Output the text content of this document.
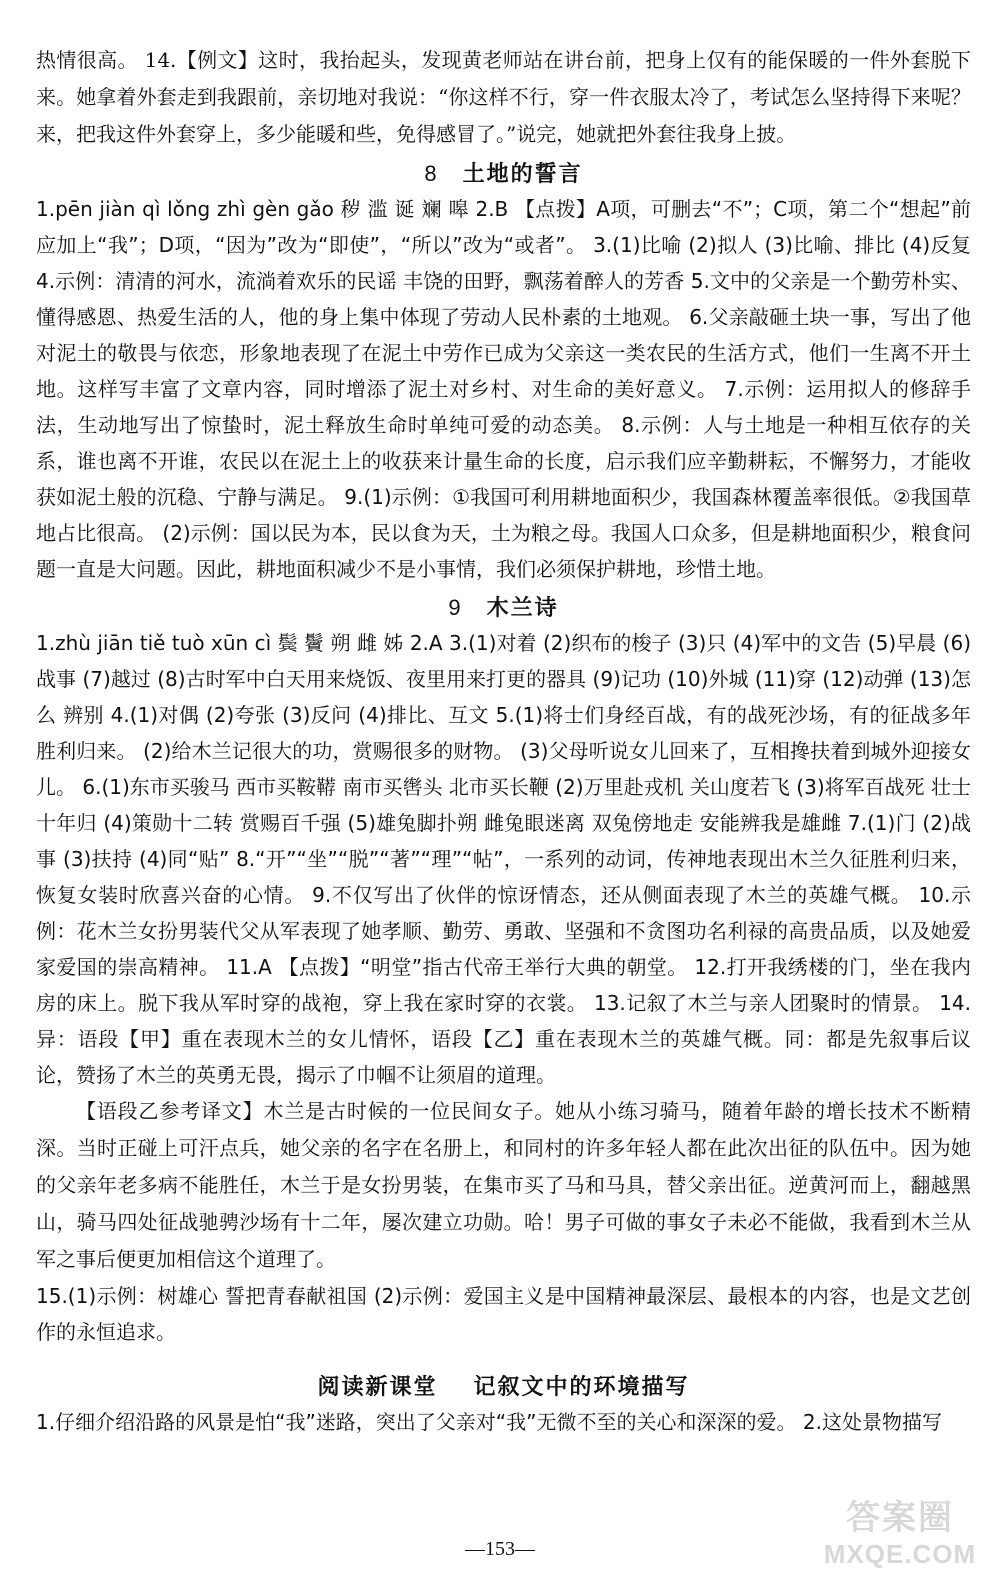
热情很高。 14.【例文】这时，我抬起头，发现黄老师站在讲台前，把身上仅有的能保暖的一件外套脱下来。她拿着外套走到我跟前，亲切地对我说：“你这样不行，穿一件衣服太冷了，考试怎么坚持得下来呢？来，把我这件外套穿上，多少能暖和些，免得感冒了。”说完，她就把外套往我身上披。

8 土地的誓言

1.pēn jiàn qì lǒng zhì gèn gǎo 秽 滥 诞 斓 嗥 2.B 【点拨】A项，可删去“不”；C项，第二个“想起”前应加上“我”；D项，“因为”改为“即使”，“所以”改为“或者”。 3.(1)比喻 (2)拟人 (3)比喻、排比 (4)反复 4.示例：清清的河水，流淌着欢乐的民谣 丰饶的田野，飘荡着醉人的芳香 5.文中的父亲是一个勤劳朴实、懂得感恩、热爱生活的人，他的身上集中体现了劳动人民朴素的土地观。 6.父亲敲砸土块一事，写出了他对泥土的敬畏与依恋，形象地表现了在泥土中劳作已成为父亲这一类农民的生活方式，他们一生离不开土地。这样写丰富了文章内容，同时增添了泥土对乡村、对生命的美好意义。 7.示例：运用拟人的修辞手法，生动地写出了惊蛰时，泥土释放生命时单纯可爱的动态美。 8.示例：人与土地是一种相互依存的关系，谁也离不开谁，农民以在泥土上的收获来计量生命的长度，启示我们应辛勤耕耘，不懈努力，才能收获如泥土般的沉稳、宁静与满足。 9.(1)示例：①我国可利用耕地面积少，我国森林覆盖率很低。②我国草地占比很高。 (2)示例：国以民为本，民以食为天，土为粮之母。我国人口众多，但是耕地面积少，粮食问题一直是大问题。因此，耕地面积减少不是小事情，我们必须保护耕地，珍惜土地。

9 木兰诗

1.zhù jiān tiě tuò xūn cì 鬓 鬢 朔 雌 姊 2.A 3.(1)对着 (2)织布的梭子 (3)只 (4)军中的文告 (5)早晨 (6)战事 (7)越过 (8)古时军中白天用来烧饭、夜里用来打更的器具 (9)记功 (10)外城 (11)穿 (12)动弹 (13)怎么 辨别 4.(1)对偶 (2)夸张 (3)反问 (4)排比、互文 5.(1)将士们身经百战，有的战死沙场，有的征战多年胜利归来。 (2)给木兰记很大的功，赏赐很多的财物。 (3)父母听说女儿回来了，互相搀扶着到城外迎接女儿。 6.(1)东市买骏马 西市买鞍鞯 南市买辔头 北市买长鞭 (2)万里赴戎机 关山度若飞 (3)将军百战死 壮士十年归 (4)策勋十二转 赏赐百千强 (5)雄兔脚扑朔 雌兔眼迷离 双兔傍地走 安能辨我是雄雌 7.(1)门 (2)战事 (3)扶持 (4)同“贴” 8.“开”“坐”“脱”“著”“理”“帖”，一系列的动词，传神地表现出木兰久征胜利归来，恢复女装时欣喜兴奋的心情。 9.不仅写出了伙伴的惊讶情态，还从侧面表现了木兰的英雄气概。 10.示例：花木兰女扮男装代父从军表现了她孝顺、勤劳、勇敢、坚强和不贪图功名利禄的高贵品质，以及她爱家爱国的崇高精神。 11.A 【点拨】“明堂”指古代帝王举行大典的朝堂。 12.打开我绣楼的门，坐在我内房的床上。脱下我从军时穿的战袍，穿上我在家时穿的衣裳。 13.记叙了木兰与亲人团聚时的情景。 14.异：语段【甲】重在表现木兰的女儿情怀，语段【乙】重在表现木兰的英雄气概。同：都是先叙事后议论，赞扬了木兰的英勇无畏，揭示了巾帼不让须眉的道理。

【语段乙参考译文】木兰是古时候的一位民间女子。她从小练习骑马，随着年龄的增长技术不断精深。当时正碰上可汗点兵，她父亲的名字在名册上，和同村的许多年轻人都在此次出征的队伍中。因为她的父亲年老多病不能胜任，木兰于是女扮男装，在集市买了马和马具，替父亲出征。逆黄河而上，翻越黑山，骑马四处征战驰骋沙场有十二年，屡次建立功勋。哈！男子可做的事女子未必不能做，我看到木兰从军之事后便更加相信这个道理了。

15.(1)示例：树雄心 誓把青春献祖国 (2)示例：爱国主义是中国精神最深层、最根本的内容，也是文艺创作的永恒追求。

阅读新课堂 记叙文中的环境描写

1.仔细介绍沿路的风景是怕“我”迷路，突出了父亲对“我”无微不至的关心和深深的爱。 2.这处景物描写

答案圈
MXQE.COM
—153—
